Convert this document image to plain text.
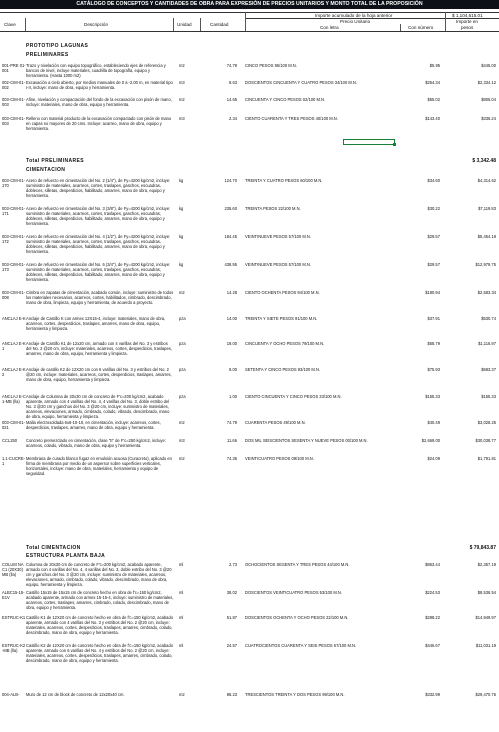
CATÁLOGO DE CONCEPTOS Y CANTIDADES DE OBRA PARA EXPRESIÓN DE PRECIOS UNITARIOS Y MONTO TOTAL DE LA PROPOSICIÓN
Importe acumulado de la hoja anterior	$ 1,104,615.01
Clave	Descripción	Unidad	Cantidad
Precio Unitario
Con letra	Con número
Importe en
pesos
PROTOTIPO LAGUNAS
PRELIMINARES
Total PRELIMINARES	$ 3,342.48
CIMENTACION
Total CIMENTACION	$ 79,843.87
ESTRUCTURA PLANTA BAJA
001-PRE 01-001
Trazo y nivelación con equipo topográfico, estableciendo ejes de referencia y bancos de nivel, incluye materiales, cuadrilla de topografía, equipo y herramienta. (Hasta 1000 m2)
m2	74.79 CINCO PESOS 95/100 M.N.	$5.95	$445.00
002-CIM-01-002
Excavación a cielo abierto, por medios manuales de 0 a -2.00 m, en material tipo I-II, incluye: mano de obra, equipo y herramienta.
m3	8.63 DOSCIENTOS CINCUENTA Y CUATRO PESOS 34/100 M.N.	$254.34	$2,334.12
003-CIM-01-003
Afine, nivelación y compactación del fondo de la excavación con pisón de mano, incluye: materiales, mano de obra, equipo y herramienta.
m2	14.65 CINCUENTA Y CINCO PESOS 02/100 M.N.	$55.02	$806.04
003-CIM-01-003
Relleno con material producto de la excavación compactado con pisón de mano en capas no mayores de 20 cms. Incluye: acarreo, mano de obra, equipo y herramienta.
m3	2.34 CIENTO CUARENTA Y TRES PESOS 40/100 M.N.	$143.40	$336.24
003-CIM-01-170
Acero de refuerzo en cimentación del No. 2 (1/4"), de Fy=4200 kg/cm2, incluye: suministro de materiales, acarreos, cortes, traslapes, ganchos, escuadras, dobleces, silletas, desperdicios, habilitado, amarres, mano de obra, equipo y herramienta.
kg	124.70 TREINTA Y CUATRO PESOS 60/100 M.N.	$34.60	$4,314.62
003-CIM-01-171
Acero de refuerzo en cimentación del No. 3 (3/8"), de Fy=4200 kg/cm2, incluye: suministro de materiales, acarreos, cortes, traslapes, ganchos, escuadras, dobleces, silletas, desperdicios, habilitado, amarres, mano de obra, equipo y herramienta.
kg	235.60 TREINTA PESOS 22/100 M.N.	$30.22	$7,119.83
003-CIM-01-172
Acero de refuerzo en cimentación del No. 4 (1/2"), de Fy=4200 kg/cm2, incluye: suministro de materiales, acarreos, cortes, traslapes, ganchos, escuadras, dobleces, silletas, desperdicios, habilitado, amarres, mano de obra, equipo y herramienta.
kg	184.45 VEINTINUEVE PESOS 57/100 M.N.	$29.57	$5,454.19
003-CIM-01-173
Acero de refuerzo en cimentación del No. 6 (3/4"), de Fy=4200 kg/cm2, incluye: suministro de materiales, acarreos, cortes, traslapes, ganchos, escuadras, dobleces, silletas, desperdicios, habilitado, amarres, mano de obra, equipo y herramienta.
kg	438.95 VEINTINUEVE PESOS 57/100 M.N.	$29.57	$12,979.75
003-CIM-01-008
Cimbra en zapatas de cimentación, acabado común, incluye: suministro de todos los materiales necesarios, acarreos, cortes, habilitados, cimbrado, descimbrado, mano de obra, limpieza, equipo y herramienta, de acuerdo a proyecto.
m2	14.28 CIENTO OCHENTA PESOS 94/100 M.N.	$180.94	$2,583.34
ANCLAJ E-K Anclaje de Castillo K con armex 12X15-4, incluye: materiales, mano de obra, acarreos, cortes, desperdicios, traslapes, amarres, mano de obra, equipo, herramienta y limpieza.
pza	14.00 TREINTA Y SIETE PESOS 91/100 M.N.	$37.91	$530.74
ANCLAJ E-K1
Anclaje de Castillo K1 de 12x20 cm, armado con 4 varillas del No. 3 y estribos del No. 2 @20 cm, incluye: materiales, acarreos, cortes, desperdicios, traslapes, amarres, mano de obra, equipo, herramienta y limpieza.
pza	19.00 CINCUENTA Y OCHO PESOS 79/100 M.N.	$58.79	$1,116.97
ANCLAJ E-K2
Anclaje de castillo K2 de 12X20 cm con 6 varillas del No. 3 y estribos del No. 2 @20 cm, incluye: materiales, acarreos, cortes, desperdicios, traslapes, amarres, mano de obra, equipo, herramienta y limpieza.
pza	9.00 SETENTA Y CINCO PESOS 93/100 M.N.	$75.93	$683.37
ANCLAJ E-C1-MB (lla)
Anclaje de Columna de 20x30 cm de concreto de F'c=200 kg/cm2, acabado aparente, armado con 4 varillas del No. 4, 4 varillas del No. 3, doble estribo del No. 3 @20 cm y ganchos del No. 3 @20 cm, incluye: suministro de materiales, acarreos, elevaciones, armado, cimbrado, colado, vibrado, descimbrado, mano de obra, equipo, herramienta y limpieza.
pza	1.00 CIENTO CINCUENTA Y CINCO PESOS 33/100 M.N.	$155.33	$155.33
003-CIM-01-021
Malla electrosoldada 6x6-10-10, en cimentación, incluye: acarreos, cortes, desperdicios, traslapes, amarres, mano de obra, equipo y herramienta.
m2	74.79 CUARENTA PESOS 49/100 M.N.	$40.49	$3,028.25
CCL250	Concreto premezclado en cimentación, clase "II" de F'c=250 kg/cm2, incluye: acarreos, colado, vibrado, mano de obra, equipo y herramienta.
m3	11.66 DOS MIL SEISCIENTOS SESENTA Y NUEVE PESOS 00/100 M.N.	$2,669.00	$30,038.77
1.1-CUCRE-1
Membrana de curado blanco fugaz en emulsión acuosa (Curacreto), aplicado en firma de membrana por medio de un aspersor sobre superficies verticales, horizontales, incluye: mano de obra, materiales, herramienta y equipo de seguridad.
m2	74.36 VEINTICUATRO PESOS 09/100 M.N.	$24.09	$1,791.81
COLUM NA C1 (20X30) MB (lla)
Columna de 20x30 cm de concreto de F'c=200 kg/cm2, acabado aparente, armado con 4 varillas del No. 4, 4 varillas del No. 3, doble estribo del No. 3 @20 cm y ganchos del No. 3 @20 cm, incluye: suministro de materiales, acarreos, elevaciones, armado, cimbrado, colado, vibrado, descimbrado, mano de obra, equipo, herramienta y limpieza.
ml	2.73 OCHOCIENTOS SESENTA Y TRES PESOS 44/100 M.N.	$863.44	$2,357.19
ALBC15-15-E1V
Castillo 15x15 de 15x15 cm de concreto hecho en obra de f'c=150 kg/cm2, acabado aparente, armado con armex 15-15-4, incluye: suministro de materiales, acarreos, cortes, traslapes, amarres, cimbrado, colado, descimbrado, mano de obra, equipo y herramienta.
ml	38.02 DOSCIENTOS VEINTICUATRO PESOS 53/100 M.N.	$224.53	$8,536.54
ESTRUC-K1 Castillo K1 de 12X20 cm de concreto hecho en obra de f'c=150 kg/cm2, acabado aparente, armado con 4 varillas del No. 3 y estribos del No. 2 @20 cm, incluye: materiales, acarreos, cortes, desperdicios, traslapes, amarres, cimbrado, colado, descimbrado, mano de obra, equipo y herramienta.
ml	51.87 DOSCIENTOS OCHENTA Y OCHO PESOS 22/100 M.N.	$288.22	$14,949.97
ESTRUC-K2-MB (lla)
Castillo K2 de 12X20 cm de concreto hecho en obra de f'c=150 kg/cm2, acabado aparente, armado con 6 varillas del No. 4 y estribos del No. 2 @20 cm, incluye: materiales, acarreos, cortes, desperdicios, traslapes, amarres, cimbrado, colado, descimbrado, mano de obra, equipo y herramienta.
ml	24.57 CUATROCIENTOS CUARENTA Y SEIS PESOS 67/100 M.N.	$446.67	$11,031.19
004-ALB-	Muro de 12 cm de block de concreto de 12x20x40 cm.	m2	88.23 TRESCIENTOS TREINTA Y DOS PESOS 99/100 M.N.	$332.99	$29,470.76
